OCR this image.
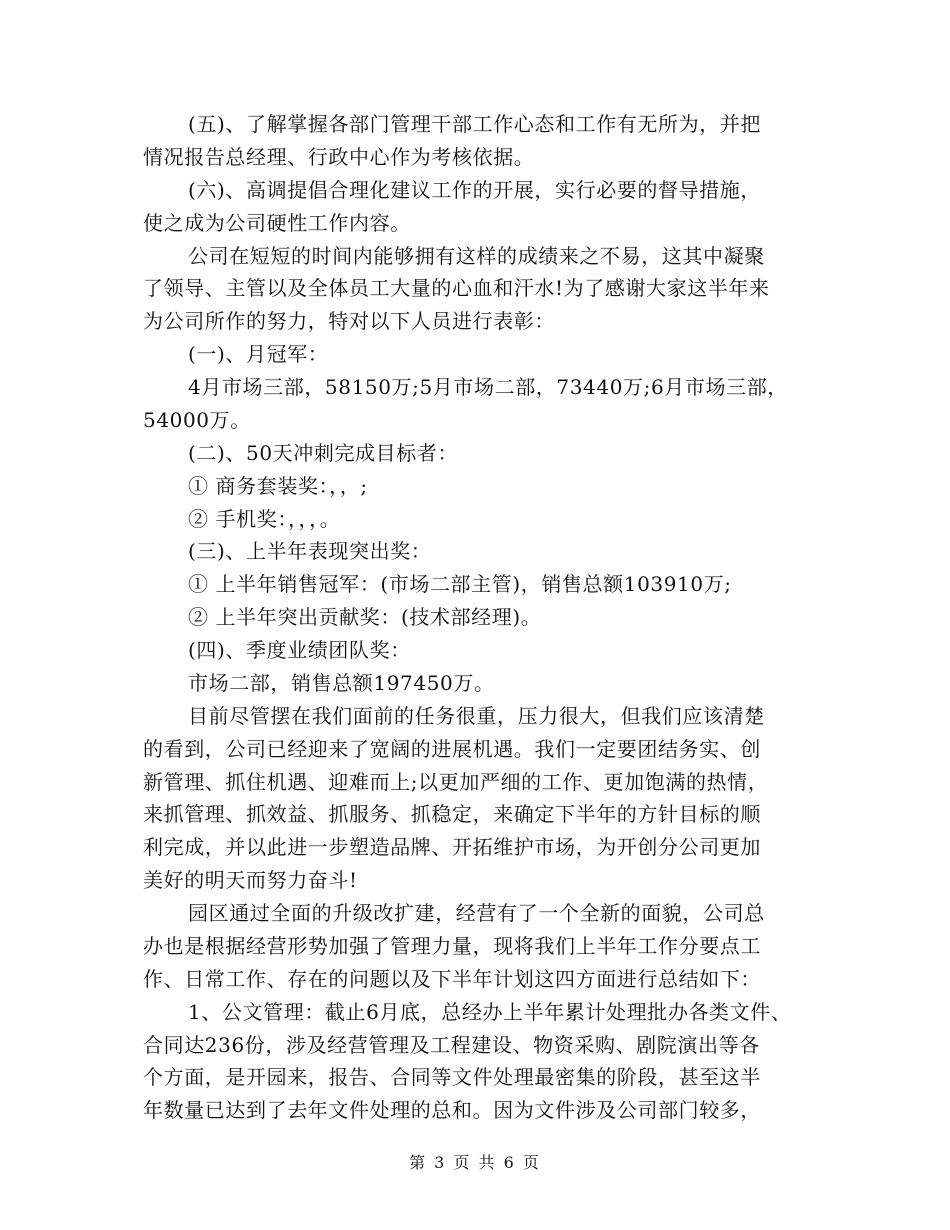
(五)、了解掌握各部门管理干部工作心态和工作有无所为，并把
情况报告总经理、行政中心作为考核依据。
(六)、高调提倡合理化建议工作的开展，实行必要的督导措施，
使之成为公司硬性工作内容。
公司在短短的时间内能够拥有这样的成绩来之不易，这其中凝聚
了领导、主管以及全体员工大量的心血和汗水!为了感谢大家这半年来
为公司所作的努力，特对以下人员进行表彰：
(一)、月冠军：
4月市场三部，58150万;5月市场二部，73440万;6月市场三部，
54000万。
(二)、50天冲刺完成目标者：
① 商务套装奖：，，;
② 手机奖：，，，。
(三)、上半年表现突出奖：
① 上半年销售冠军：(市场二部主管)，销售总额103910万;
② 上半年突出贡献奖：(技术部经理)。
(四)、季度业绩团队奖：
市场二部，销售总额197450万。
目前尽管摆在我们面前的任务很重，压力很大，但我们应该清楚
的看到，公司已经迎来了宽阔的进展机遇。我们一定要团结务实、创
新管理、抓住机遇、迎难而上;以更加严细的工作、更加饱满的热情，
来抓管理、抓效益、抓服务、抓稳定，来确定下半年的方针目标的顺
利完成，并以此进一步塑造品牌、开拓维护市场，为开创分公司更加
美好的明天而努力奋斗!
园区通过全面的升级改扩建，经营有了一个全新的面貌，公司总
办也是根据经营形势加强了管理力量，现将我们上半年工作分要点工
作、日常工作、存在的问题以及下半年计划这四方面进行总结如下：
1、公文管理：截止6月底，总经办上半年累计处理批办各类文件、
合同达236份，涉及经营管理及工程建设、物资采购、剧院演出等各
个方面，是开园来，报告、合同等文件处理最密集的阶段，甚至这半
年数量已达到了去年文件处理的总和。因为文件涉及公司部门较多，
第 3 页 共 6 页
